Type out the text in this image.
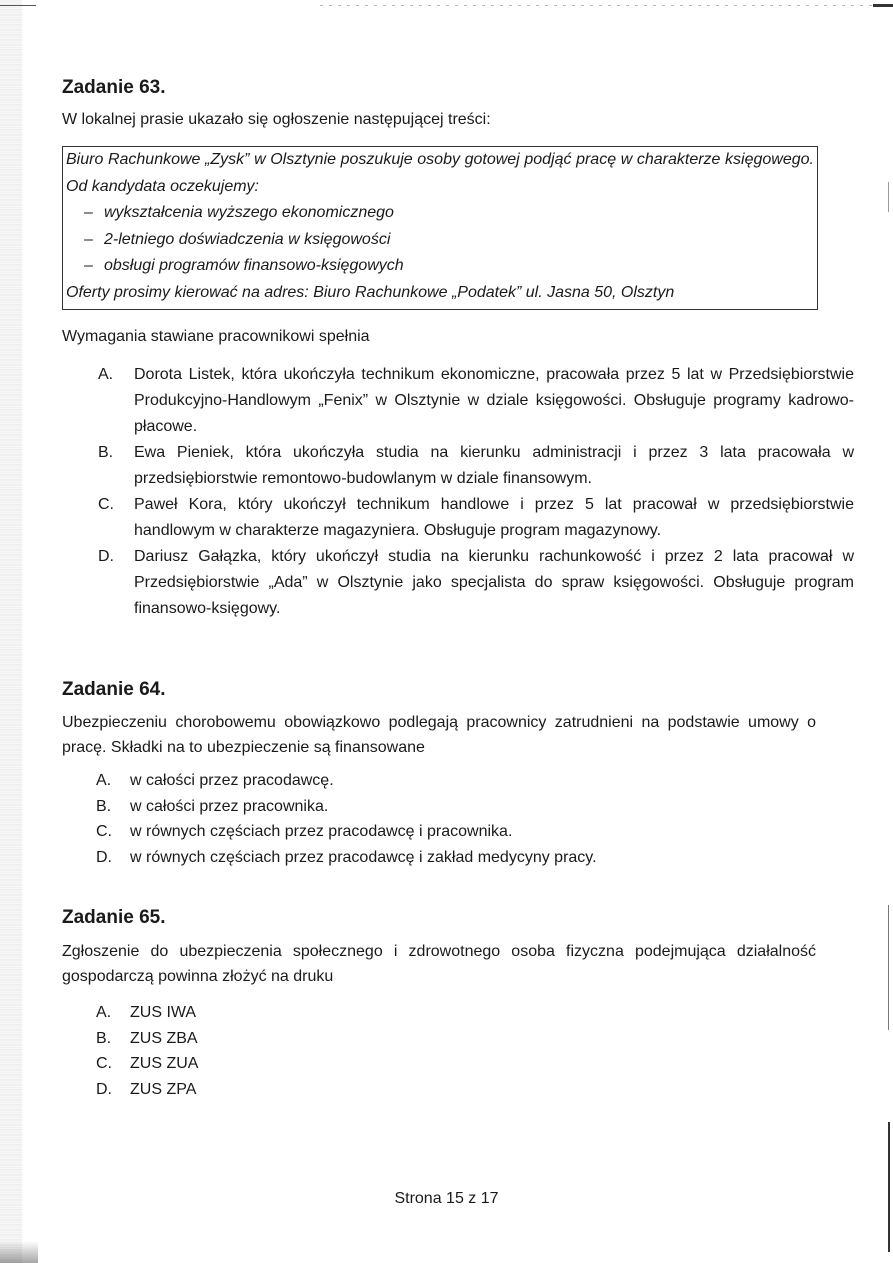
Zadanie 63.

W lokalnej prasie ukazało się ogłoszenie następującej treści:

Biuro Rachunkowe „Zysk” w Olsztynie poszukuje osoby gotowej podjąć pracę w charakterze księgowego. Od kandydata oczekujemy:
– wykształcenia wyższego ekonomicznego
– 2-letniego doświadczenia w księgowości
– obsługi programów finansowo-księgowych
Oferty prosimy kierować na adres: Biuro Rachunkowe „Podatek” ul. Jasna 50, Olsztyn

Wymagania stawiane pracownikowi spełnia

A. Dorota Listek, która ukończyła technikum ekonomiczne, pracowała przez 5 lat w Przedsiębiorstwie Produkcyjno-Handlowym „Fenix” w Olsztynie w dziale księgowości. Obsługuje programy kadrowo-płacowe.
B. Ewa Pieniek, która ukończyła studia na kierunku administracji i przez 3 lata pracowała w przedsiębiorstwie remontowo-budowlanym w dziale finansowym.
C. Paweł Kora, który ukończył technikum handlowe i przez 5 lat pracował w przedsiębiorstwie handlowym w charakterze magazyniera. Obsługuje program magazynowy.
D. Dariusz Gałązka, który ukończył studia na kierunku rachunkowość i przez 2 lata pracował w Przedsiębiorstwie „Ada” w Olsztynie jako specjalista do spraw księgowości. Obsługuje program finansowo-księgowy.
Zadanie 64.

Ubezpieczeniu chorobowemu obowiązkowo podlegają pracownicy zatrudnieni na podstawie umowy o pracę. Składki na to ubezpieczenie są finansowane

A. w całości przez pracodawcę.
B. w całości przez pracownika.
C. w równych częściach przez pracodawcę i pracownika.
D. w równych częściach przez pracodawcę i zakład medycyny pracy.
Zadanie 65.

Zgłoszenie do ubezpieczenia społecznego i zdrowotnego osoba fizyczna podejmująca działalność gospodarczą powinna złożyć na druku

A. ZUS IWA
B. ZUS ZBA
C. ZUS ZUA
D. ZUS ZPA
Strona 15 z 17
